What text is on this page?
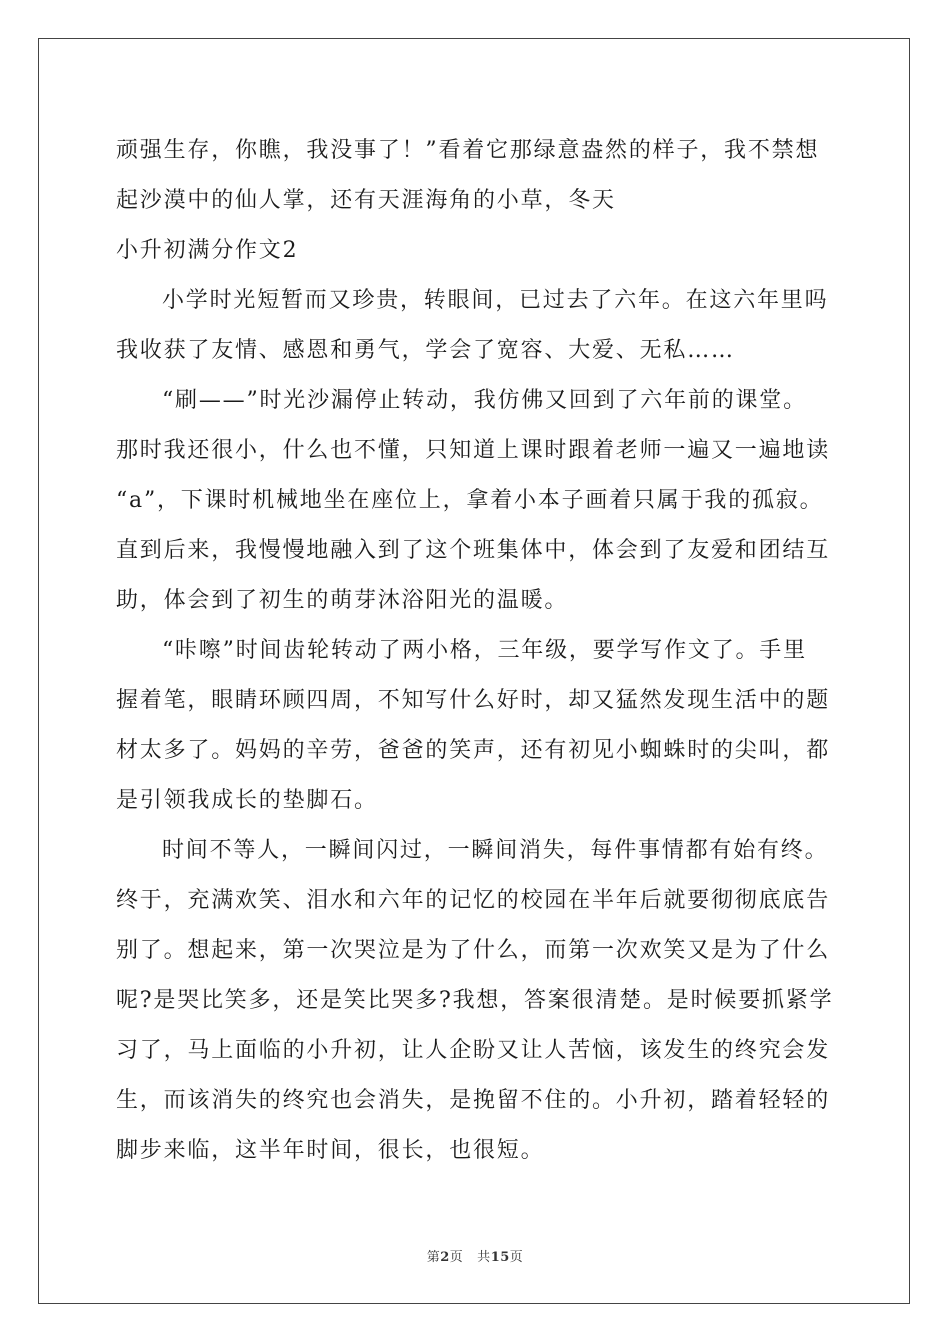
顽强生存，你瞧，我没事了！”看着它那绿意盎然的样子，我不禁想
起沙漠中的仙人掌，还有天涯海角的小草，冬天
小升初满分作文2
小学时光短暂而又珍贵，转眼间，已过去了六年。在这六年里吗
我收获了友情、感恩和勇气，学会了宽容、大爱、无私……
“刷——”时光沙漏停止转动，我仿佛又回到了六年前的课堂。
那时我还很小，什么也不懂，只知道上课时跟着老师一遍又一遍地读
“a”，下课时机械地坐在座位上，拿着小本子画着只属于我的孤寂。
直到后来，我慢慢地融入到了这个班集体中，体会到了友爱和团结互
助，体会到了初生的萌芽沐浴阳光的温暖。
“咔嚓”时间齿轮转动了两小格，三年级，要学写作文了。手里
握着笔，眼睛环顾四周，不知写什么好时，却又猛然发现生活中的题
材太多了。妈妈的辛劳，爸爸的笑声，还有初见小蜘蛛时的尖叫，都
是引领我成长的垫脚石。
时间不等人，一瞬间闪过，一瞬间消失，每件事情都有始有终。
终于，充满欢笑、泪水和六年的记忆的校园在半年后就要彻彻底底告
别了。想起来，第一次哭泣是为了什么，而第一次欢笑又是为了什么
呢?是哭比笑多，还是笑比哭多?我想，答案很清楚。是时候要抓紧学
习了，马上面临的小升初，让人企盼又让人苦恼，该发生的终究会发
生，而该消失的终究也会消失，是挽留不住的。小升初，踏着轻轻的
脚步来临，这半年时间，很长，也很短。
第2页 共15页
